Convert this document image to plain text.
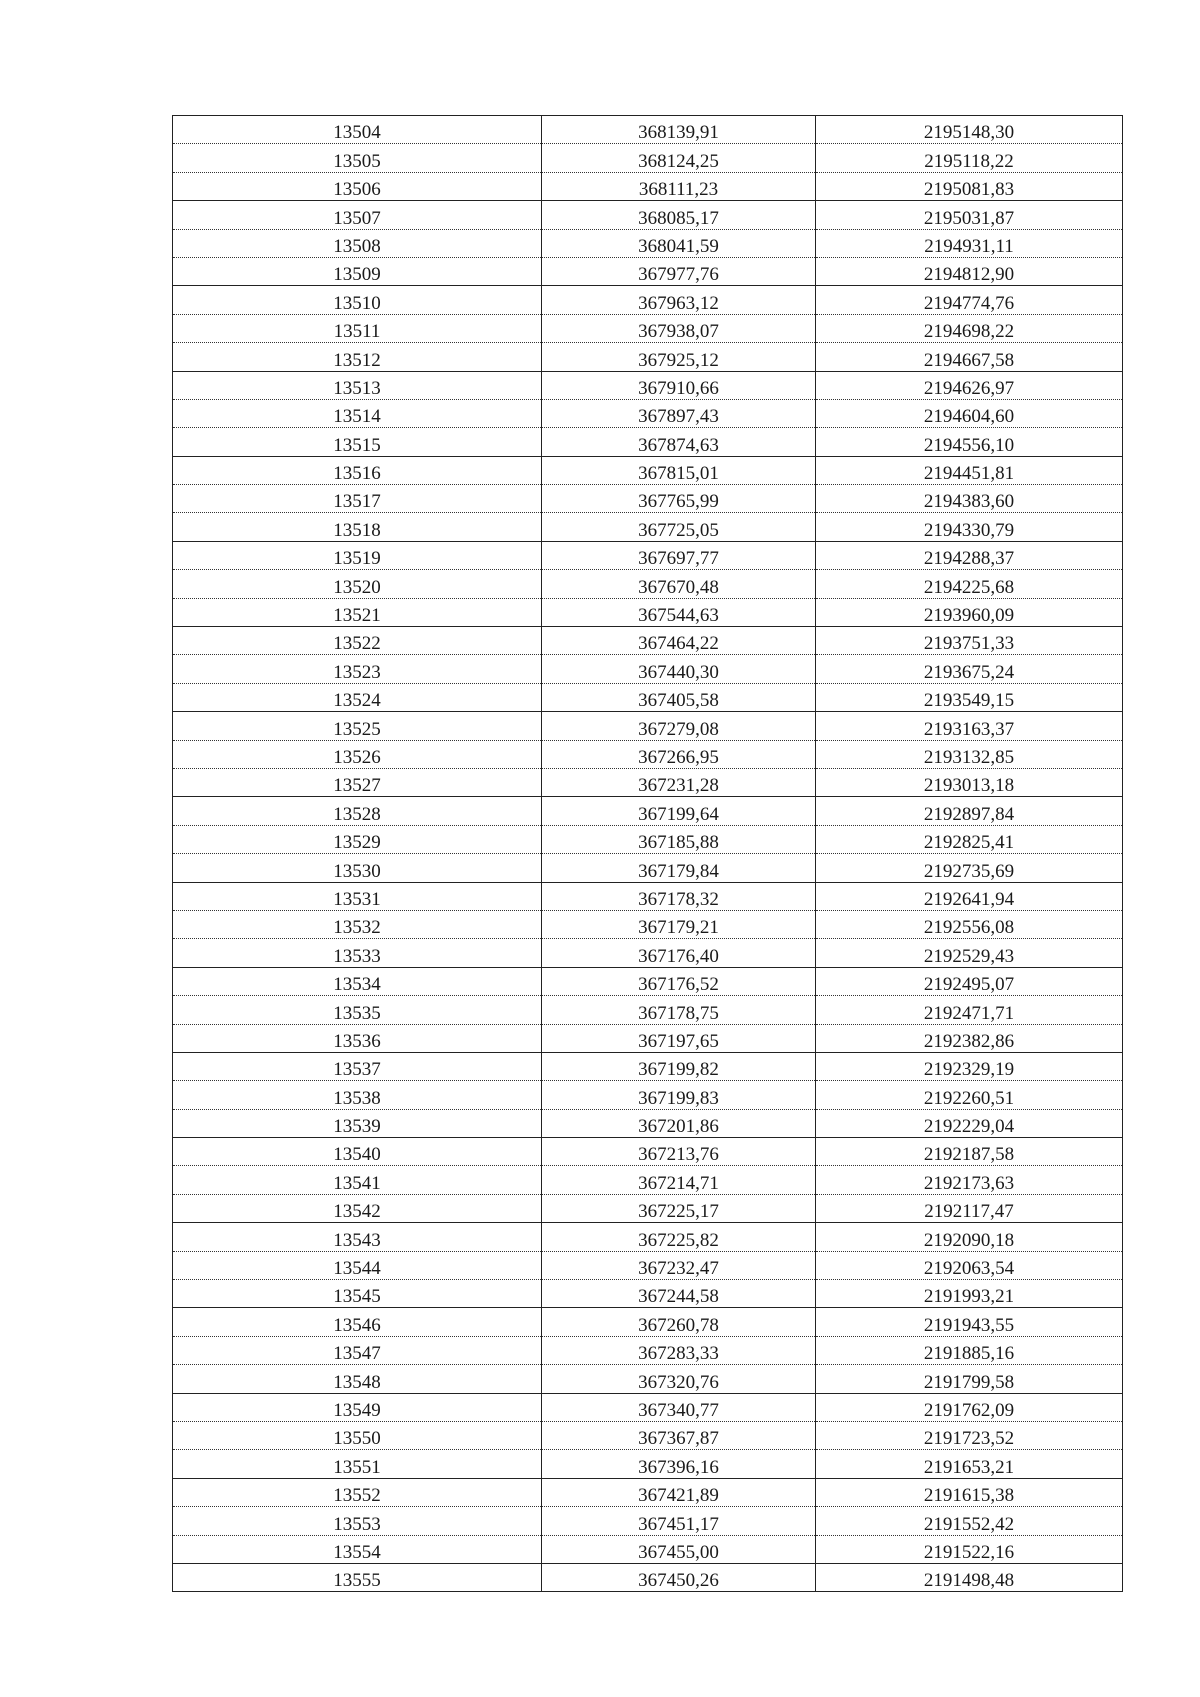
13504	368139,91	2195148,30
13505	368124,25	2195118,22
13506	368111,23	2195081,83
13507	368085,17	2195031,87
13508	368041,59	2194931,11
13509	367977,76	2194812,90
13510	367963,12	2194774,76
13511	367938,07	2194698,22
13512	367925,12	2194667,58
13513	367910,66	2194626,97
13514	367897,43	2194604,60
13515	367874,63	2194556,10
13516	367815,01	2194451,81
13517	367765,99	2194383,60
13518	367725,05	2194330,79
13519	367697,77	2194288,37
13520	367670,48	2194225,68
13521	367544,63	2193960,09
13522	367464,22	2193751,33
13523	367440,30	2193675,24
13524	367405,58	2193549,15
13525	367279,08	2193163,37
13526	367266,95	2193132,85
13527	367231,28	2193013,18
13528	367199,64	2192897,84
13529	367185,88	2192825,41
13530	367179,84	2192735,69
13531	367178,32	2192641,94
13532	367179,21	2192556,08
13533	367176,40	2192529,43
13534	367176,52	2192495,07
13535	367178,75	2192471,71
13536	367197,65	2192382,86
13537	367199,82	2192329,19
13538	367199,83	2192260,51
13539	367201,86	2192229,04
13540	367213,76	2192187,58
13541	367214,71	2192173,63
13542	367225,17	2192117,47
13543	367225,82	2192090,18
13544	367232,47	2192063,54
13545	367244,58	2191993,21
13546	367260,78	2191943,55
13547	367283,33	2191885,16
13548	367320,76	2191799,58
13549	367340,77	2191762,09
13550	367367,87	2191723,52
13551	367396,16	2191653,21
13552	367421,89	2191615,38
13553	367451,17	2191552,42
13554	367455,00	2191522,16
13555	367450,26	2191498,48
